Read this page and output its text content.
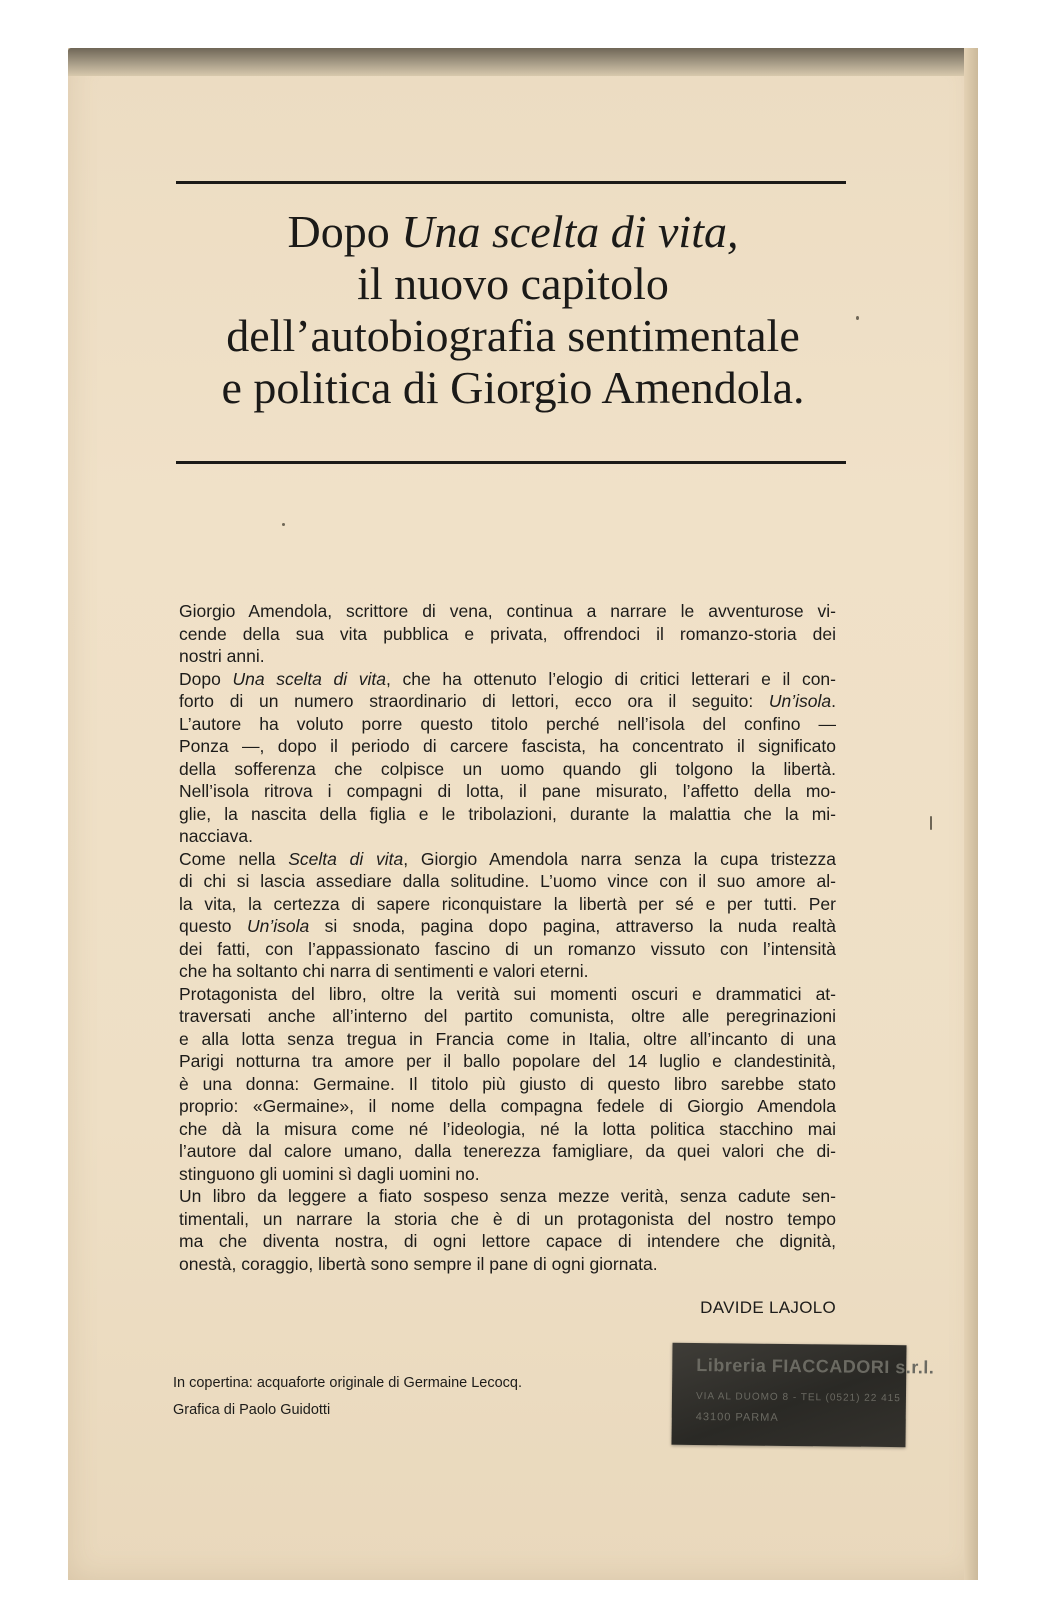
Dopo Una scelta di vita,
il nuovo capitolo
dell’autobiografia sentimentale
e politica di Giorgio Amendola.
Giorgio Amendola, scrittore di vena, continua a narrare le avventurose vi-
cende della sua vita pubblica e privata, offrendoci il romanzo-storia dei
nostri anni.
Dopo Una scelta di vita, che ha ottenuto l’elogio di critici letterari e il con-
forto di un numero straordinario di lettori, ecco ora il seguito: Un’isola.
L’autore ha voluto porre questo titolo perché nell’isola del confino —
Ponza —, dopo il periodo di carcere fascista, ha concentrato il significato
della sofferenza che colpisce un uomo quando gli tolgono la libertà.
Nell’isola ritrova i compagni di lotta, il pane misurato, l’affetto della mo-
glie, la nascita della figlia e le tribolazioni, durante la malattia che la mi-
nacciava.
Come nella Scelta di vita, Giorgio Amendola narra senza la cupa tristezza
di chi si lascia assediare dalla solitudine. L’uomo vince con il suo amore al-
la vita, la certezza di sapere riconquistare la libertà per sé e per tutti. Per
questo Un’isola si snoda, pagina dopo pagina, attraverso la nuda realtà
dei fatti, con l’appassionato fascino di un romanzo vissuto con l’intensità
che ha soltanto chi narra di sentimenti e valori eterni.
Protagonista del libro, oltre la verità sui momenti oscuri e drammatici at-
traversati anche all’interno del partito comunista, oltre alle peregrinazioni
e alla lotta senza tregua in Francia come in Italia, oltre all’incanto di una
Parigi notturna tra amore per il ballo popolare del 14 luglio e clandestinità,
è una donna: Germaine. Il titolo più giusto di questo libro sarebbe stato
proprio: «Germaine», il nome della compagna fedele di Giorgio Amendola
che dà la misura come né l’ideologia, né la lotta politica stacchino mai
l’autore dal calore umano, dalla tenerezza famigliare, da quei valori che di-
stinguono gli uomini sì dagli uomini no.
Un libro da leggere a fiato sospeso senza mezze verità, senza cadute sen-
timentali, un narrare la storia che è di un protagonista del nostro tempo
ma che diventa nostra, di ogni lettore capace di intendere che dignità,
onestà, coraggio, libertà sono sempre il pane di ogni giornata.
DAVIDE LAJOLO
In copertina: acquaforte originale di Germaine Lecocq.
Grafica di Paolo Guidotti
Libreria FIACCADORI s.r.l.
VIA AL DUOMO 8 - TEL (0521) 22 415
43100 PARMA
